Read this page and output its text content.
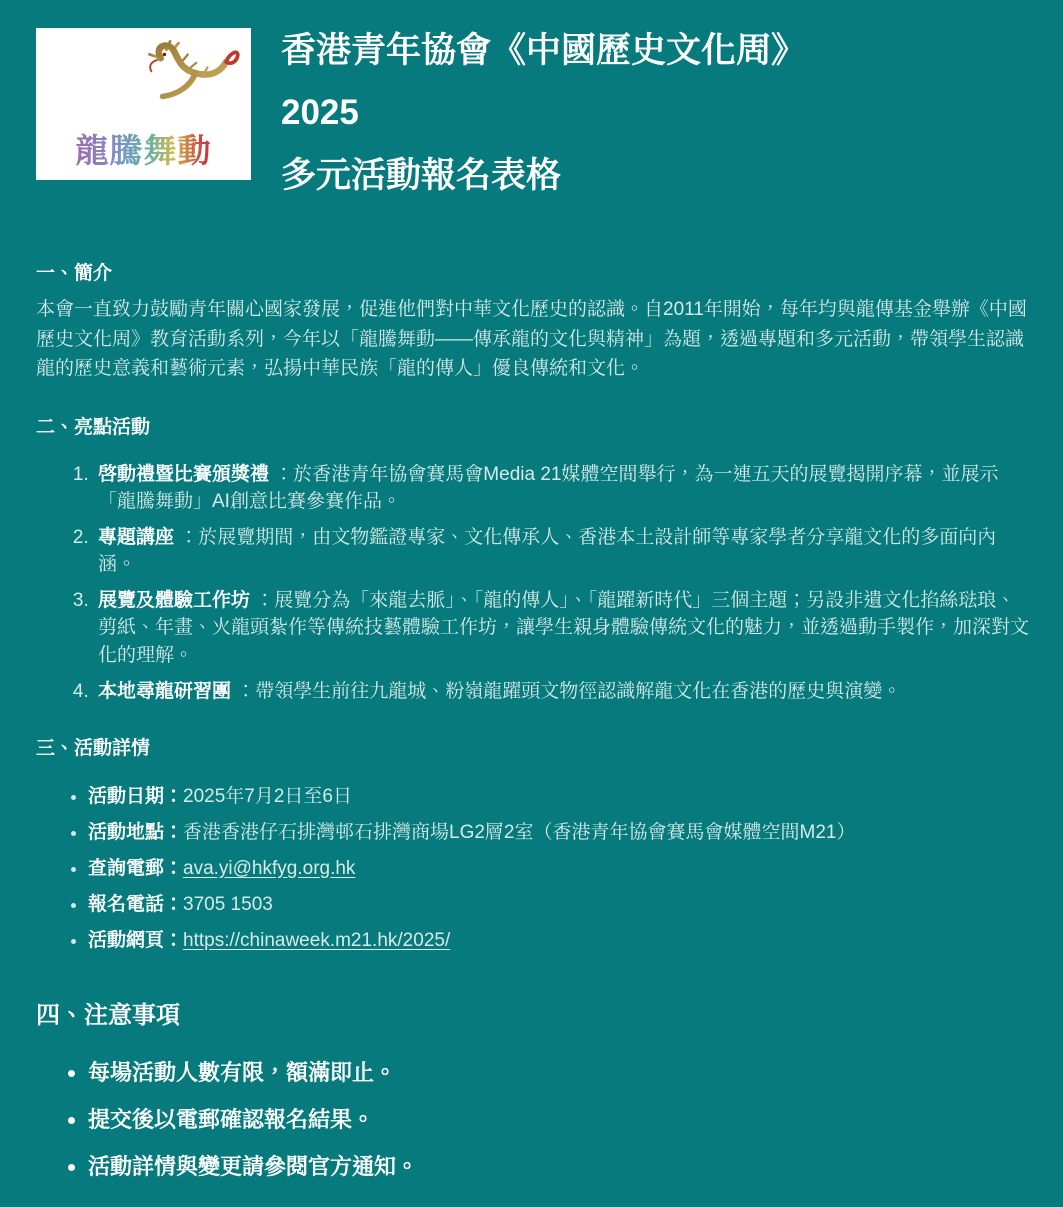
龍騰舞動
香港青年協會《中國歷史文化周》
2025
多元活動報名表格
一、簡介

本會一直致力鼓勵青年關心國家發展，促進他們對中華文化歷史的認識。自2011年開始，每年均與龍傳基金舉辦《中國歷史文化周》教育活動系列，今年以「龍騰舞動——傳承龍的文化與精神」為題，透過專題和多元活動，帶領學生認識龍的歷史意義和藝術元素，弘揚中華民族「龍的傳人」優良傳統和文化。

二、亮點活動
1. 啓動禮暨比賽頒獎禮 ：於香港青年協會賽馬會Media 21媒體空間舉行，為一連五天的展覽揭開序幕，並展示「龍騰舞動」AI創意比賽參賽作品。
2. 專題講座 ：於展覽期間，由文物鑑證專家、文化傳承人、香港本土設計師等專家學者分享龍文化的多面向內涵。
3. 展覽及體驗工作坊 ：展覽分為「來龍去脈」、「龍的傳人」、「龍躍新時代」三個主題；另設非遺文化掐絲琺琅、剪紙、年畫、火龍頭紮作等傳統技藝體驗工作坊，讓學生親身體驗傳統文化的魅力，並透過動手製作，加深對文化的理解。
4. 本地尋龍研習團 ：帶領學生前往九龍城、粉嶺龍躍頭文物徑認識解龍文化在香港的歷史與演變。
三、活動詳情
• 活動日期：2025年7月2日至6日
• 活動地點：香港香港仔石排灣邨石排灣商場LG2層2室（香港青年協會賽馬會媒體空間M21）
• 查詢電郵：ava.yi@hkfyg.org.hk
• 報名電話：3705 1503
• 活動網頁：https://chinaweek.m21.hk/2025/
四、注意事項
• 每場活動人數有限，額滿即止。
• 提交後以電郵確認報名結果。
• 活動詳情與變更請參閱官方通知。
